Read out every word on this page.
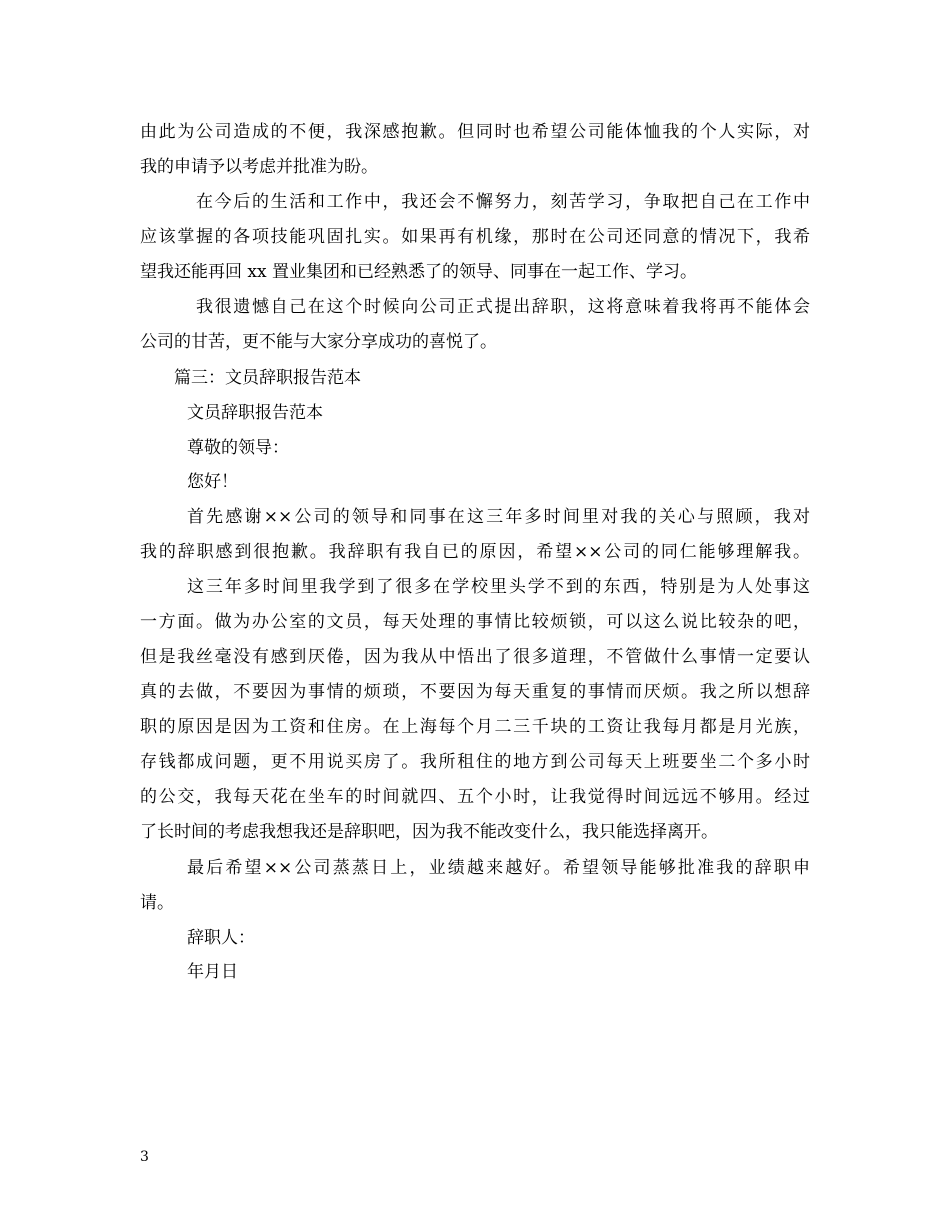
由此为公司造成的不便，我深感抱歉。但同时也希望公司能体恤我的个人实际，对
我的申请予以考虑并批准为盼。
在今后的生活和工作中，我还会不懈努力，刻苦学习，争取把自己在工作中
应该掌握的各项技能巩固扎实。如果再有机缘，那时在公司还同意的情况下，我希
望我还能再回 xx 置业集团和已经熟悉了的领导、同事在一起工作、学习。
我很遗憾自己在这个时候向公司正式提出辞职，这将意味着我将再不能体会
公司的甘苦，更不能与大家分享成功的喜悦了。
篇三：文员辞职报告范本
文员辞职报告范本
尊敬的领导：
您好！
首先感谢××公司的领导和同事在这三年多时间里对我的关心与照顾，我对
我的辞职感到很抱歉。我辞职有我自已的原因，希望××公司的同仁能够理解我。
这三年多时间里我学到了很多在学校里头学不到的东西，特别是为人处事这
一方面。做为办公室的文员，每天处理的事情比较烦锁，可以这么说比较杂的吧，
但是我丝毫没有感到厌倦，因为我从中悟出了很多道理，不管做什么事情一定要认
真的去做，不要因为事情的烦琐，不要因为每天重复的事情而厌烦。我之所以想辞
职的原因是因为工资和住房。在上海每个月二三千块的工资让我每月都是月光族，
存钱都成问题，更不用说买房了。我所租住的地方到公司每天上班要坐二个多小时
的公交，我每天花在坐车的时间就四、五个小时，让我觉得时间远远不够用。经过
了长时间的考虑我想我还是辞职吧，因为我不能改变什么，我只能选择离开。
最后希望××公司蒸蒸日上，业绩越来越好。希望领导能够批准我的辞职申
请。
辞职人：
年月日
3
